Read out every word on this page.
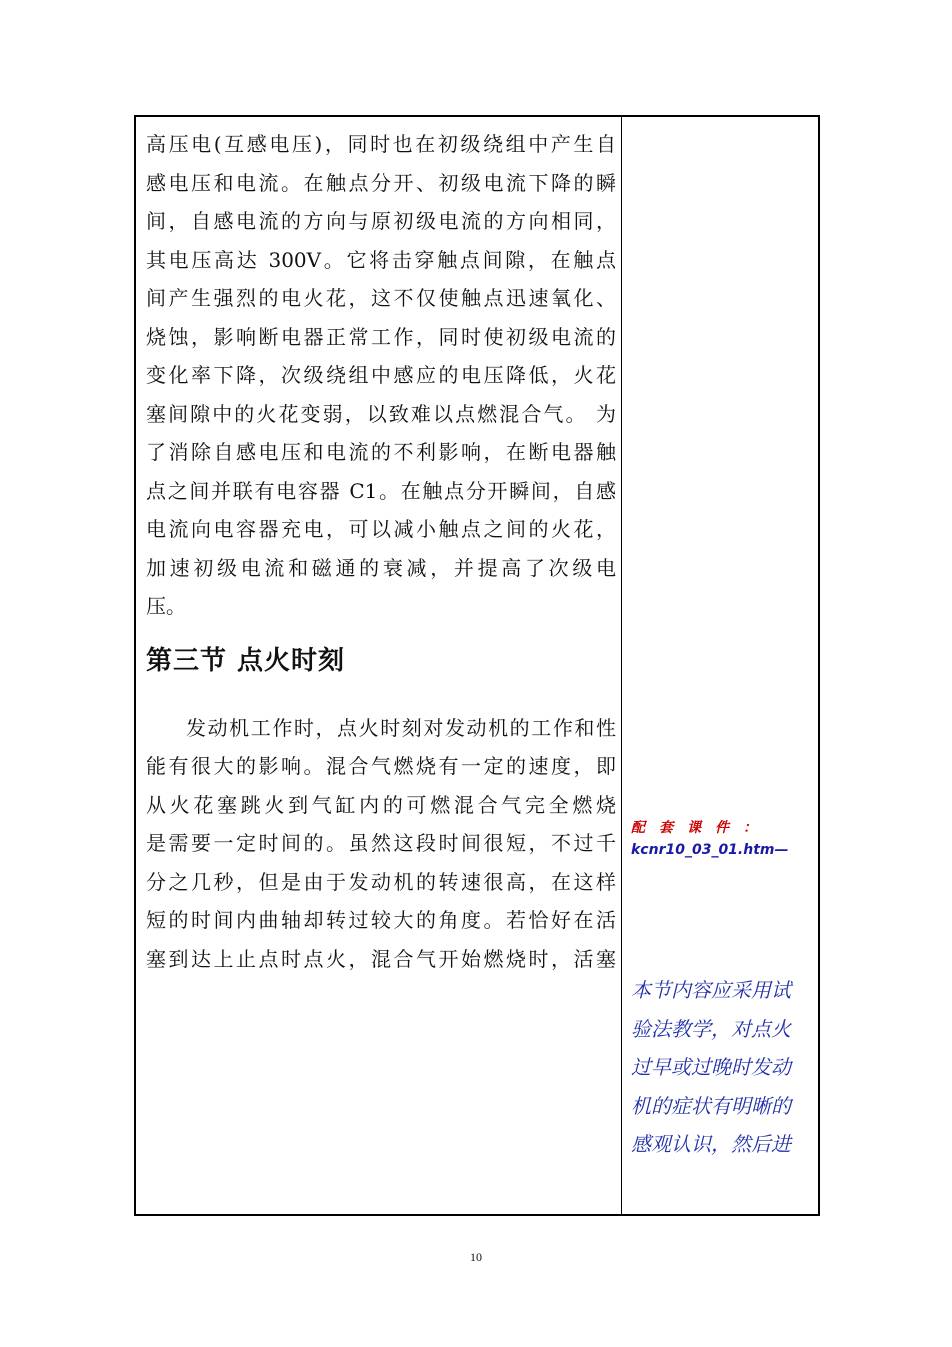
高压电(互感电压)，同时也在初级绕组中产生自
感电压和电流。在触点分开、初级电流下降的瞬
间，自感电流的方向与原初级电流的方向相同，
其电压高达 300V。它将击穿触点间隙，在触点
间产生强烈的电火花，这不仅使触点迅速氧化、
烧蚀，影响断电器正常工作，同时使初级电流的
变化率下降，次级绕组中感应的电压降低，火花
塞间隙中的火花变弱，以致难以点燃混合气。 为
了消除自感电压和电流的不利影响，在断电器触
点之间并联有电容器 C1。在触点分开瞬间，自感
电流向电容器充电，可以减小触点之间的火花，
加速初级电流和磁通的衰减，并提高了次级电
压。

第三节 点火时刻

发动机工作时，点火时刻对发动机的工作和性
能有很大的影响。混合气燃烧有一定的速度，即
从火花塞跳火到气缸内的可燃混合气完全燃烧
是需要一定时间的。虽然这段时间很短，不过千
分之几秒，但是由于发动机的转速很高，在这样
短的时间内曲轴却转过较大的角度。若恰好在活
塞到达上止点时点火，混合气开始燃烧时，活塞

配套课件：
kcnr10_03_01.htm—
本节内容应采用试
验法教学，对点火
过早或过晚时发动
机的症状有明晰的
感观认识，然后进
10
